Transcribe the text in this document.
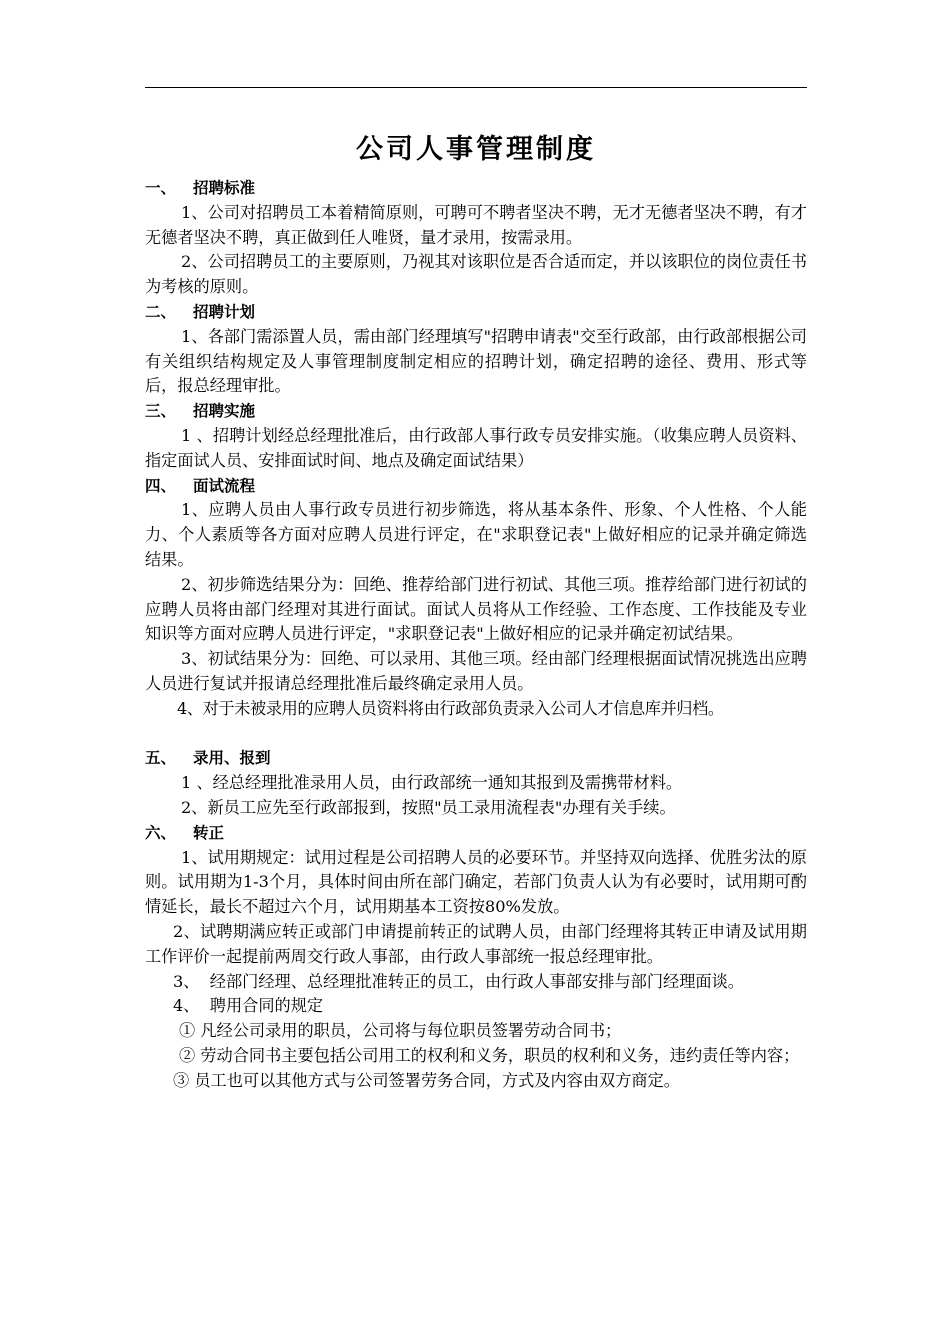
公司人事管理制度
一、 招聘标准
1、公司对招聘员工本着精简原则，可聘可不聘者坚决不聘，无才无德者坚决不聘，有才无德者坚决不聘，真正做到任人唯贤，量才录用，按需录用。
2、公司招聘员工的主要原则，乃视其对该职位是否合适而定，并以该职位的岗位责任书为考核的原则。
二、 招聘计划
1、各部门需添置人员，需由部门经理填写"招聘申请表"交至行政部，由行政部根据公司有关组织结构规定及人事管理制度制定相应的招聘计划，确定招聘的途径、费用、形式等后，报总经理审批。
三、 招聘实施
1 、招聘计划经总经理批准后，由行政部人事行政专员安排实施。（收集应聘人员资料、指定面试人员、安排面试时间、地点及确定面试结果）
四、 面试流程
1、应聘人员由人事行政专员进行初步筛选，将从基本条件、形象、个人性格、个人能力、个人素质等各方面对应聘人员进行评定，在"求职登记表"上做好相应的记录并确定筛选结果。
2、初步筛选结果分为：回绝、推荐给部门进行初试、其他三项。推荐给部门进行初试的应聘人员将由部门经理对其进行面试。面试人员将从工作经验、工作态度、工作技能及专业知识等方面对应聘人员进行评定，"求职登记表"上做好相应的记录并确定初试结果。
3、初试结果分为：回绝、可以录用、其他三项。经由部门经理根据面试情况挑选出应聘人员进行复试并报请总经理批准后最终确定录用人员。
4、对于未被录用的应聘人员资料将由行政部负责录入公司人才信息库并归档。
五、 录用、报到
1 、经总经理批准录用人员，由行政部统一通知其报到及需携带材料。
2、新员工应先至行政部报到，按照"员工录用流程表"办理有关手续。
六、 转正
1、试用期规定：试用过程是公司招聘人员的必要环节。并坚持双向选择、优胜劣汰的原则。试用期为1-3个月，具体时间由所在部门确定，若部门负责人认为有必要时，试用期可酌情延长，最长不超过六个月，试用期基本工资按80%发放。
2、试聘期满应转正或部门申请提前转正的试聘人员，由部门经理将其转正申请及试用期工作评价一起提前两周交行政人事部，由行政人事部统一报总经理审批。
3、  经部门经理、总经理批准转正的员工，由行政人事部安排与部门经理面谈。
4、  聘用合同的规定
① 凡经公司录用的职员，公司将与每位职员签署劳动合同书；
② 劳动合同书主要包括公司用工的权利和义务，职员的权利和义务，违约责任等内容；
③ 员工也可以其他方式与公司签署劳务合同，方式及内容由双方商定。
